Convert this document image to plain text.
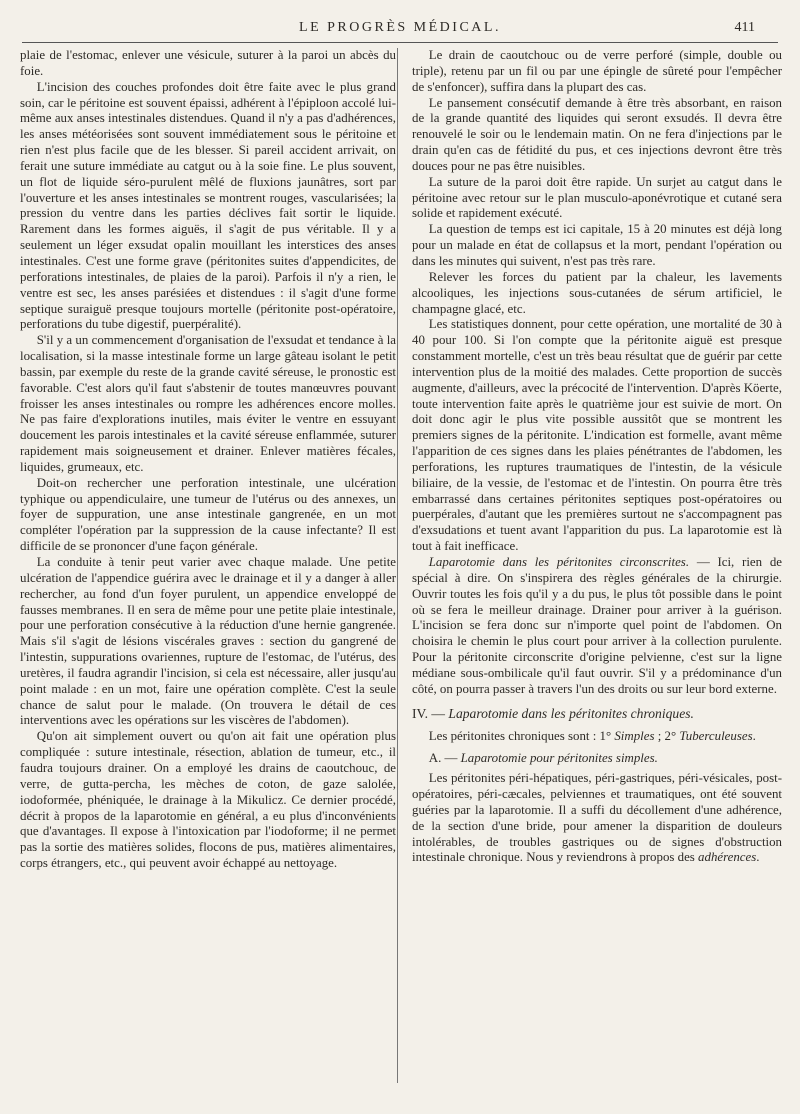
LE PROGRÈS MÉDICAL.	411

plaie de l'estomac, enlever une vésicule, suturer à la paroi un abcès du foie.

L'incision des couches profondes doit être faite avec le plus grand soin, car le péritoine est souvent épaissi, adhérent à l'épiploon accolé lui-même aux anses intestinales distendues. Quand il n'y a pas d'adhérences, les anses météorisées sont souvent immédiatement sous le péritoine et rien n'est plus facile que de les blesser. Si pareil accident arrivait, on ferait une suture immédiate au catgut ou à la soie fine. Le plus souvent, un flot de liquide séro-purulent mêlé de fluxions jaunâtres, sort par l'ouverture et les anses intestinales se montrent rouges, vascularisées; la pression du ventre dans les parties déclives fait sortir le liquide. Rarement dans les formes aiguës, il s'agit de pus véritable. Il y a seulement un léger exsudat opalin mouillant les interstices des anses intestinales. C'est une forme grave (péritonites suites d'appendicites, de perforations intestinales, de plaies de la paroi). Parfois il n'y a rien, le ventre est sec, les anses parésiées et distendues : il s'agit d'une forme septique suraiguë presque toujours mortelle (péritonite post-opératoire, perforations du tube digestif, puerpéralité).

S'il y a un commencement d'organisation de l'exsudat et tendance à la localisation, si la masse intestinale forme un large gâteau isolant le petit bassin, par exemple du reste de la grande cavité séreuse, le pronostic est favorable. C'est alors qu'il faut s'abstenir de toutes manœuvres pouvant froisser les anses intestinales ou rompre les adhérences encore molles. Ne pas faire d'explorations inutiles, mais éviter le ventre en essuyant doucement les parois intestinales et la cavité séreuse enflammée, suturer rapidement mais soigneusement et drainer. Enlever matières fécales, liquides, grumeaux, etc.

Doit-on rechercher une perforation intestinale, une ulcération typhique ou appendiculaire, une tumeur de l'utérus ou des annexes, un foyer de suppuration, une anse intestinale gangrenée, en un mot compléter l'opération par la suppression de la cause infectante? Il est difficile de se prononcer d'une façon générale.

La conduite à tenir peut varier avec chaque malade. Une petite ulcération de l'appendice guérira avec le drainage et il y a danger à aller rechercher, au fond d'un foyer purulent, un appendice enveloppé de fausses membranes. Il en sera de même pour une petite plaie intestinale, pour une perforation consécutive à la réduction d'une hernie gangrenée. Mais s'il s'agit de lésions viscérales graves : section du gangrené de l'intestin, suppurations ovariennes, rupture de l'estomac, de l'utérus, des uretères, il faudra agrandir l'incision, si cela est nécessaire, aller jusqu'au point malade : en un mot, faire une opération complète. C'est la seule chance de salut pour le malade. (On trouvera le détail de ces interventions avec les opérations sur les viscères de l'abdomen).

Qu'on ait simplement ouvert ou qu'on ait fait une opération plus compliquée : suture intestinale, résection, ablation de tumeur, etc., il faudra toujours drainer. On a employé les drains de caoutchouc, de verre, de gutta-percha, les mèches de coton, de gaze salolée, iodoformée, phéniquée, le drainage à la Mikulicz. Ce dernier procédé, décrit à propos de la laparotomie en général, a eu plus d'inconvénients que d'avantages. Il expose à l'intoxication par l'iodoforme; il ne permet pas la sortie des matières solides, flocons de pus, matières alimentaires, corps étrangers, etc., qui peuvent avoir échappé au nettoyage.

Le drain de caoutchouc ou de verre perforé (simple, double ou triple), retenu par un fil ou par une épingle de sûreté pour l'empêcher de s'enfoncer), suffira dans la plupart des cas.

Le pansement consécutif demande à être très absorbant, en raison de la grande quantité des liquides qui seront exsudés. Il devra être renouvelé le soir ou le lendemain matin. On ne fera d'injections par le drain qu'en cas de fétidité du pus, et ces injections devront être très douces pour ne pas être nuisibles.

La suture de la paroi doit être rapide. Un surjet au catgut dans le péritoine avec retour sur le plan musculo-aponévrotique et cutané sera solide et rapidement exécuté.

La question de temps est ici capitale, 15 à 20 minutes est déjà long pour un malade en état de collapsus et la mort, pendant l'opération ou dans les minutes qui suivent, n'est pas très rare.

Relever les forces du patient par la chaleur, les lavements alcooliques, les injections sous-cutanées de sérum artificiel, le champagne glacé, etc.

Les statistiques donnent, pour cette opération, une mortalité de 30 à 40 pour 100. Si l'on compte que la péritonite aiguë est presque constamment mortelle, c'est un très beau résultat que de guérir par cette intervention plus de la moitié des malades. Cette proportion de succès augmente, d'ailleurs, avec la précocité de l'intervention. D'après Köerte, toute intervention faite après le quatrième jour est suivie de mort. On doit donc agir le plus vite possible aussitôt que se montrent les premiers signes de la péritonite. L'indication est formelle, avant même l'apparition de ces signes dans les plaies pénétrantes de l'abdomen, les perforations, les ruptures traumatiques de l'intestin, de la vésicule biliaire, de la vessie, de l'estomac et de l'intestin. On pourra être très embarrassé dans certaines péritonites septiques post-opératoires ou puerpérales, d'autant que les premières surtout ne s'accompagnent pas d'exsudations et tuent avant l'apparition du pus. La laparotomie est là tout à fait inefficace.

Laparotomie dans les péritonites circonscrites. — Ici, rien de spécial à dire. On s'inspirera des règles générales de la chirurgie. Ouvrir toutes les fois qu'il y a du pus, le plus tôt possible dans le point où se fera le meilleur drainage. Drainer pour arriver à la guérison. L'incision se fera donc sur n'importe quel point de l'abdomen. On choisira le chemin le plus court pour arriver à la collection purulente. Pour la péritonite circonscrite d'origine pelvienne, c'est sur la ligne médiane sous-ombilicale qu'il faut ouvrir. S'il y a prédominance d'un côté, on pourra passer à travers l'un des droits ou sur leur bord externe.

IV. — Laparotomie dans les péritonites chroniques.

Les péritonites chroniques sont : 1° Simples ; 2° Tuberculeuses.

A. — Laparotomie pour péritonites simples.

Les péritonites péri-hépatiques, péri-gastriques, péri-vésicales, post-opératoires, péri-cæcales, pelviennes et traumatiques, ont été souvent guéries par la laparotomie. Il a suffi du décollement d'une adhérence, de la section d'une bride, pour amener la disparition de douleurs intolérables, de troubles gastriques ou de signes d'obstruction intestinale chronique. Nous y reviendrons à propos des adhérences.
